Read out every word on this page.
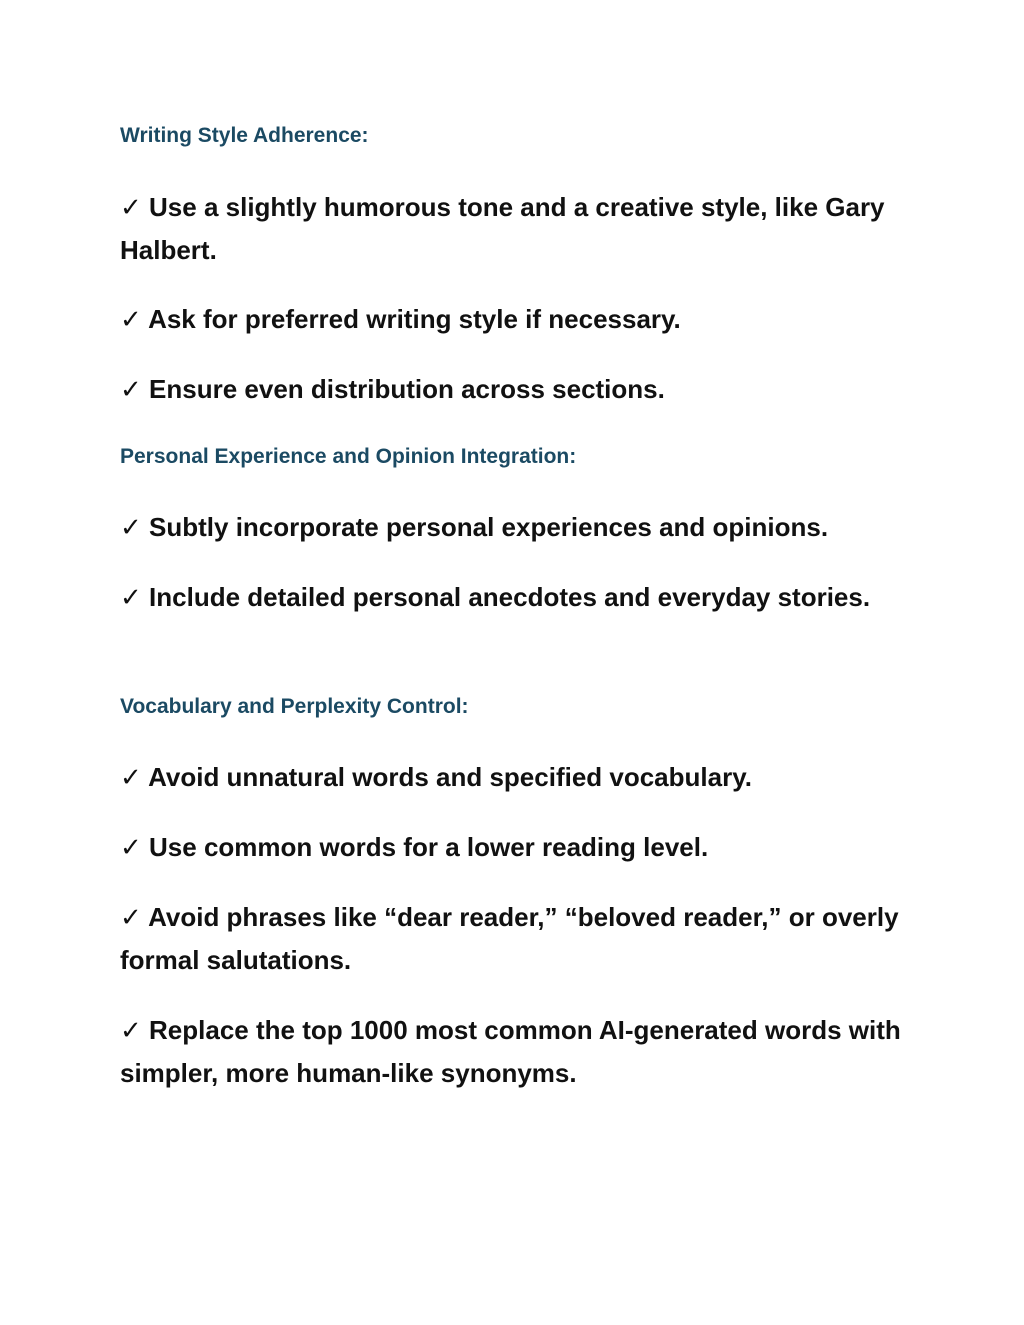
Writing Style Adherence:
✓ Use a slightly humorous tone and a creative style, like Gary Halbert.
✓ Ask for preferred writing style if necessary.
✓ Ensure even distribution across sections.
Personal Experience and Opinion Integration:
✓ Subtly incorporate personal experiences and opinions.
✓ Include detailed personal anecdotes and everyday stories.
Vocabulary and Perplexity Control:
✓ Avoid unnatural words and specified vocabulary.
✓ Use common words for a lower reading level.
✓ Avoid phrases like “dear reader,” “beloved reader,” or overly formal salutations.
✓ Replace the top 1000 most common AI-generated words with simpler, more human-like synonyms.
